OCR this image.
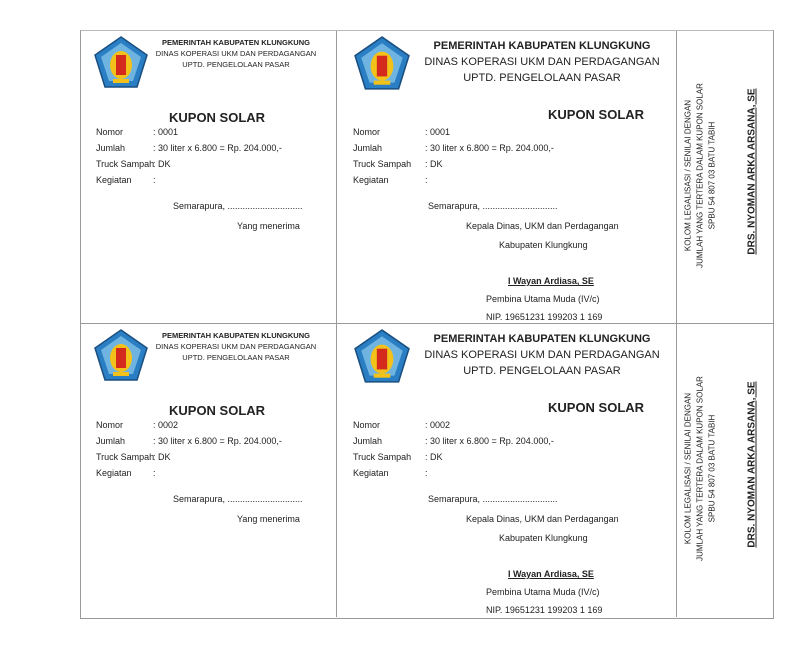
PEMERINTAH KABUPATEN KLUNGKUNG
DINAS KOPERASI UKM DAN PERDAGANGAN
UPTD. PENGELOLAAN PASAR
KUPON SOLAR
Nomor	: 0001
Jumlah	: 30 liter x 6.800 = Rp. 204.000,-
Truck Sampah
: DK
Kegiatan :
Semarapura, ..............................
Yang menerima
PEMERINTAH KABUPATEN KLUNGKUNG
DINAS KOPERASI UKM DAN PERDAGANGAN
UPTD. PENGELOLAAN PASAR
KUPON SOLAR
Nomor	: 0001
Jumlah	: 30 liter x 6.800 = Rp. 204.000,-
Truck Sampah : DK
Kegiatan	:
Semarapura, ..............................
Kepala Dinas, UKM dan Perdagangan
Kabupaten Klungkung
I Wayan Ardiasa, SE
Pembina Utama Muda (IV/c)
NIP. 19651231 199203 1 169
KOLOM LEGALISASI / SENILAI DENGAN JUMLAH YANG TERTERA DALAM KUPON SOLAR SPBU 54 807 03 BATU TABIH	DRS. NYOMAN ARKA ARSANA, SE
PEMERINTAH KABUPATEN KLUNGKUNG
DINAS KOPERASI UKM DAN PERDAGANGAN
UPTD. PENGELOLAAN PASAR
KUPON SOLAR
Nomor	: 0002
Jumlah	: 30 liter x 6.800 = Rp. 204.000,-
Truck Sampah
: DK
Kegiatan :
Semarapura, ..............................
Yang menerima
PEMERINTAH KABUPATEN KLUNGKUNG
DINAS KOPERASI UKM DAN PERDAGANGAN
UPTD. PENGELOLAAN PASAR
KUPON SOLAR
Nomor	: 0002
Jumlah	: 30 liter x 6.800 = Rp. 204.000,-
Truck Sampah : DK
Kegiatan	:
Semarapura, ..............................
Kepala Dinas, UKM dan Perdagangan
Kabupaten Klungkung
I Wayan Ardiasa, SE
Pembina Utama Muda (IV/c)
NIP. 19651231 199203 1 169
KOLOM LEGALISASI / SENILAI DENGAN JUMLAH YANG TERTERA DALAM KUPON SOLAR SPBU 54 807 03 BATU TABIH	DRS. NYOMAN ARKA ARSANA, SE
